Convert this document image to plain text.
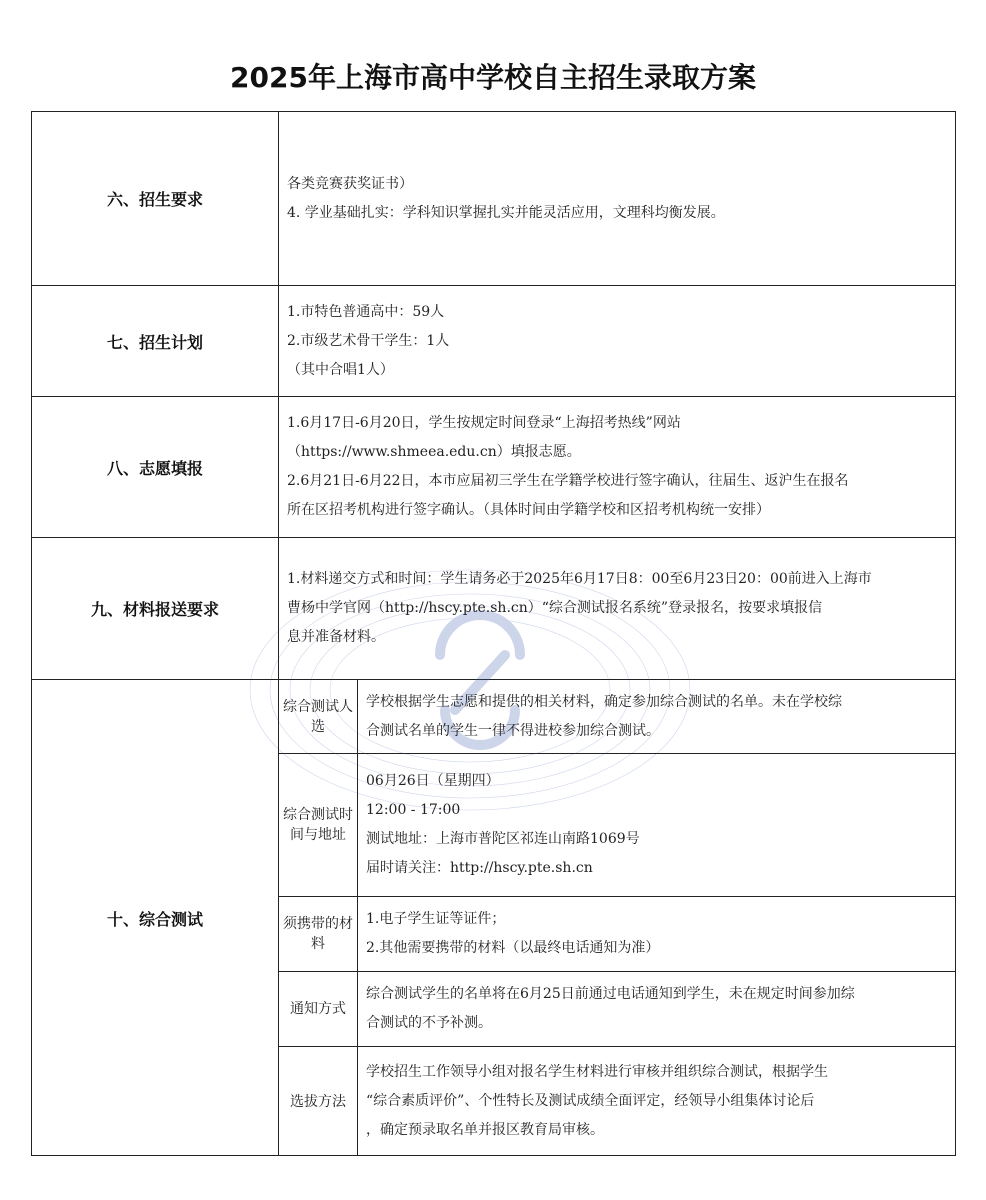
2025年上海市高中学校自主招生录取方案
六、招生要求

各类竞赛获奖证书）

4. 学业基础扎实：学科知识掌握扎实并能灵活应用，文理科均衡发展。

七、招生计划

1.市特色普通高中：59人

2.市级艺术骨干学生：1人

（其中合唱1人）

八、志愿填报

1.6月17日-6月20日，学生按规定时间登录“上海招考热线”网站

（https://www.shmeea.edu.cn）填报志愿。

2.6月21日-6月22日，本市应届初三学生在学籍学校进行签字确认，往届生、返沪生在报名

所在区招考机构进行签字确认。（具体时间由学籍学校和区招考机构统一安排）

九、材料报送要求

1.材料递交方式和时间：学生请务必于2025年6月17日8：00至6月23日20：00前进入上海市

曹杨中学官网（http://hscy.pte.sh.cn）“综合测试报名系统”登录报名，按要求填报信

息并准备材料。

十、综合测试
综合测试人选

学校根据学生志愿和提供的相关材料，确定参加综合测试的名单。未在学校综

合测试名单的学生一律不得进校参加综合测试。

综合测试时间与地址

06月26日（星期四）

12:00 - 17:00

测试地址：上海市普陀区祁连山南路1069号

届时请关注：http://hscy.pte.sh.cn

须携带的材料

1.电子学生证等证件；

2.其他需要携带的材料（以最终电话通知为准）

通知方式

综合测试学生的名单将在6月25日前通过电话通知到学生，未在规定时间参加综

合测试的不予补测。

选拔方法

学校招生工作领导小组对报名学生材料进行审核并组织综合测试，根据学生

“综合素质评价”、个性特长及测试成绩全面评定，经领导小组集体讨论后

，确定预录取名单并报区教育局审核。
